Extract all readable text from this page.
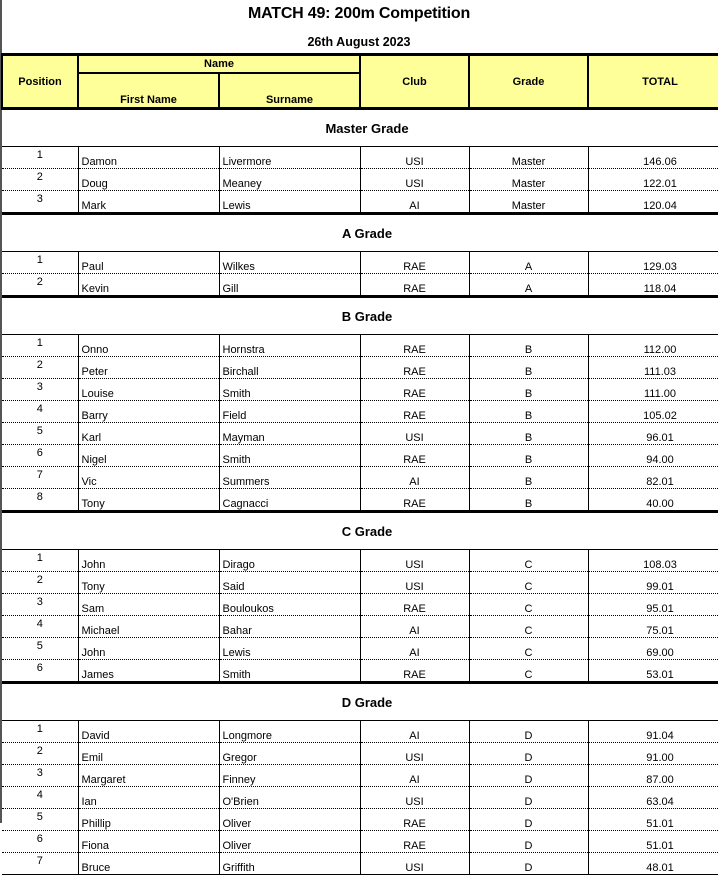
MATCH 49: 200m Competition
26th August 2023
Position	Name		Club	Grade	TOTAL
	First Name	Surname			
Master Grade					
1	Damon	Livermore	USI	Master	146.06
2	Doug	Meaney	USI	Master	122.01
3	Mark	Lewis	AI	Master	120.04
A Grade					
1	Paul	Wilkes	RAE	A	129.03
2	Kevin	Gill	RAE	A	118.04
B Grade					
1	Onno	Hornstra	RAE	B	112.00
2	Peter	Birchall	RAE	B	111.03
3	Louise	Smith	RAE	B	111.00
4	Barry	Field	RAE	B	105.02
5	Karl	Mayman	USI	B	96.01
6	Nigel	Smith	RAE	B	94.00
7	Vic	Summers	AI	B	82.01
8	Tony	Cagnacci	RAE	B	40.00
C Grade					
1	John	Dirago	USI	C	108.03
2	Tony	Said	USI	C	99.01
3	Sam	Bouloukos	RAE	C	95.01
4	Michael	Bahar	AI	C	75.01
5	John	Lewis	AI	C	69.00
6	James	Smith	RAE	C	53.01
D Grade					
1	David	Longmore	AI	D	91.04
2	Emil	Gregor	USI	D	91.00
3	Margaret	Finney	AI	D	87.00
4	Ian	O'Brien	USI	D	63.04
5	Phillip	Oliver	RAE	D	51.01
6	Fiona	Oliver	RAE	D	51.01
7	Bruce	Griffith	USI	D	48.01
